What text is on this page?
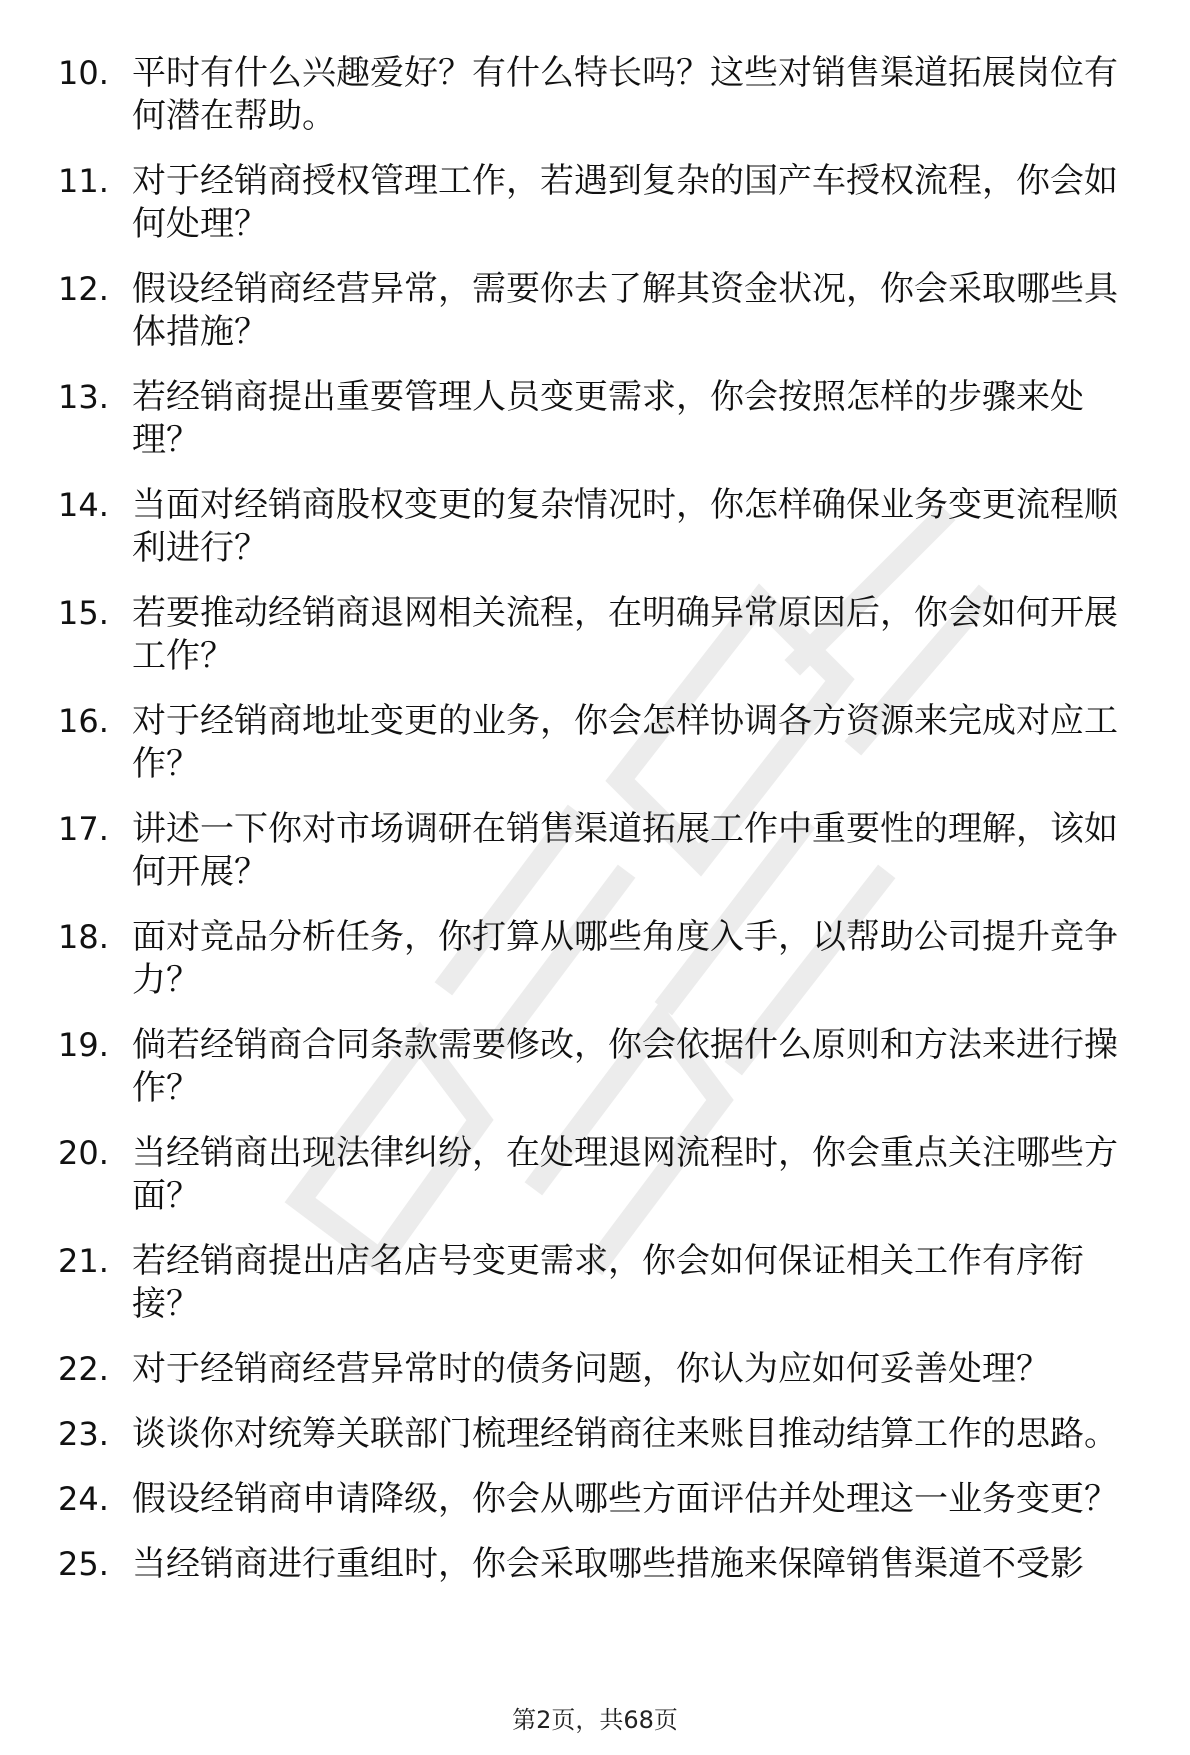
10. 平时有什么兴趣爱好？有什么特长吗？这些对销售渠道拓展岗位有何潜在帮助。
11. 对于经销商授权管理工作，若遇到复杂的国产车授权流程，你会如何处理？
12. 假设经销商经营异常，需要你去了解其资金状况，你会采取哪些具体措施？
13. 若经销商提出重要管理人员变更需求，你会按照怎样的步骤来处理？
14. 当面对经销商股权变更的复杂情况时，你怎样确保业务变更流程顺利进行？
15. 若要推动经销商退网相关流程，在明确异常原因后，你会如何开展工作？
16. 对于经销商地址变更的业务，你会怎样协调各方资源来完成对应工作？
17. 讲述一下你对市场调研在销售渠道拓展工作中重要性的理解，该如何开展？
18. 面对竞品分析任务，你打算从哪些角度入手，以帮助公司提升竞争力？
19. 倘若经销商合同条款需要修改，你会依据什么原则和方法来进行操作？
20. 当经销商出现法律纠纷，在处理退网流程时，你会重点关注哪些方面？
21. 若经销商提出店名店号变更需求，你会如何保证相关工作有序衔接？
22. 对于经销商经营异常时的债务问题，你认为应如何妥善处理？
23. 谈谈你对统筹关联部门梳理经销商往来账目推动结算工作的思路。
24. 假设经销商申请降级，你会从哪些方面评估并处理这一业务变更？
25. 当经销商进行重组时，你会采取哪些措施来保障销售渠道不受影
第2页，共68页
